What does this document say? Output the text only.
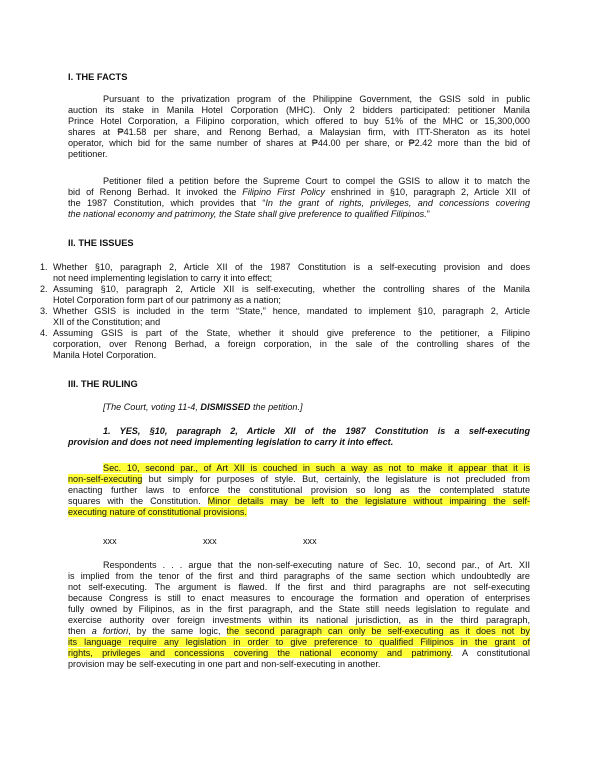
I. THE FACTS
Pursuant to the privatization program of the Philippine Government, the GSIS sold in public
auction its stake in Manila Hotel Corporation (MHC). Only 2 bidders participated: petitioner Manila
Prince Hotel Corporation, a Filipino corporation, which offered to buy 51% of the MHC or 15,300,000
shares at ₱41.58 per share, and Renong Berhad, a Malaysian firm, with ITT-Sheraton as its hotel
operator, which bid for the same number of shares at ₱44.00 per share, or ₱2.42 more than the bid of
petitioner.
Petitioner filed a petition before the Supreme Court to compel the GSIS to allow it to match the
bid of Renong Berhad. It invoked the Filipino First Policy enshrined in §10, paragraph 2, Article XII of
the 1987 Constitution, which provides that “In the grant of rights, privileges, and concessions covering
the national economy and patrimony, the State shall give preference to qualified Filipinos.”
II. THE ISSUES
1. Whether §10, paragraph 2, Article XII of the 1987 Constitution is a self-executing provision and does
not need implementing legislation to carry it into effect;
2. Assuming §10, paragraph 2, Article XII is self-executing, whether the controlling shares of the Manila
Hotel Corporation form part of our patrimony as a nation;
3. Whether GSIS is included in the term “State,” hence, mandated to implement §10, paragraph 2, Article
XII of the Constitution; and
4. Assuming GSIS is part of the State, whether it should give preference to the petitioner, a Filipino
corporation, over Renong Berhad, a foreign corporation, in the sale of the controlling shares of the
Manila Hotel Corporation.
III. THE RULING
[The Court, voting 11-4, DISMISSED the petition.]
1. YES, §10, paragraph 2, Article XII of the 1987 Constitution is a self-executing
provision and does not need implementing legislation to carry it into effect.
Sec. 10, second par., of Art XII is couched in such a way as not to make it appear that it is
non-self-executing but simply for purposes of style. But, certainly, the legislature is not precluded from
enacting further laws to enforce the constitutional provision so long as the contemplated statute
squares with the Constitution. Minor details may be left to the legislature without impairing the self-
executing nature of constitutional provisions.
xxx	xxx	xxx
Respondents . . . argue that the non-self-executing nature of Sec. 10, second par., of Art. XII
is implied from the tenor of the first and third paragraphs of the same section which undoubtedly are
not self-executing. The argument is flawed. If the first and third paragraphs are not self-executing
because Congress is still to enact measures to encourage the formation and operation of enterprises
fully owned by Filipinos, as in the first paragraph, and the State still needs legislation to regulate and
exercise authority over foreign investments within its national jurisdiction, as in the third paragraph,
then a fortiori, by the same logic, the second paragraph can only be self-executing as it does not by
its language require any legislation in order to give preference to qualified Filipinos in the grant of
rights, privileges and concessions covering the national economy and patrimony. A constitutional
provision may be self-executing in one part and non-self-executing in another.
